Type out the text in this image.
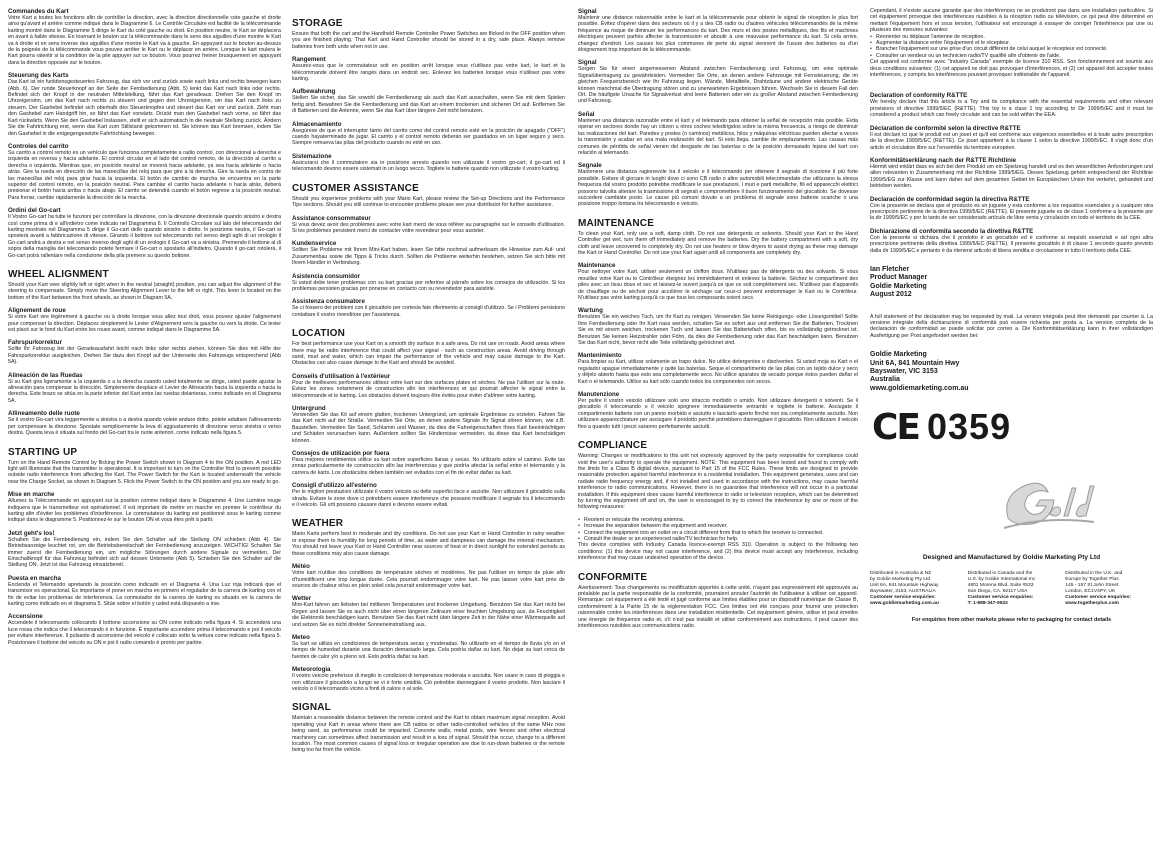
Commandes du Kart

Votre Kart a toutes les fonctions afin de contrôler la direction, avec la direction directionnelle cote gauche et droite ainsi qu'avant et arrière comme indiqué dans le Diagramme 6. Le Contrôle Circulaire est facilité de la télécommande karting montré dans le Diagramme 5 dirige le Kart du coté gauche ou droit. En position neutre, le Kart se déplacera en avant à faible vitesse. En tournant le bouton sur la télécommande dans le sens des aiguilles d'une montre le Kart va à droite et en sens inverse des aiguilles d'une montre le Kart va à gauche. En appuyant sur le bouton au-dessus de la poignée de la télécommande vous pouvez arrêter le Kart ou le déplacer en arrière. Lorsque le kart roulera le Kart pourra ralentir si la condition de la pile appuyer sur ce bouton. Vous pourrez freiner brusquement en appuyant dans la direction opposée sur le bouton.

Steuerung des Karts

Das Kart ist ein funktionsgesteuertes Fahrzeug, das sich vor und zurück sowie nach links und rechts bewegen kann (Abb. 6). Der runde Steuerknopf an der Seite der Fernbedienung (Abb. 5) lenkt das Kart nach links oder rechts. Befindet sich der Knopf in der neutralen Mittelstellung, fährt das Kart geradeaus. Drehen Sie den Knopf im Uhrzeigersinn, um das Kart nach rechts zu steuern und gegen den Uhrzeigersinn, um das Kart nach links zu steuern. Der Gashebel befindet sich oberhalb des Steuerknopfes und steuert das Kart vor und zurück. Zieht man den Gashebel zum Handgriff hin, so fährt das Kart vorwärts. Drückt man den Gashebel nach vorne, so fährt das Kart rückwärts. Wenn Sie den Gashebel loslassen, stellt er sich automatisch in die neutrale Stellung zurück. Ändern Sie die Fahrtrichtung erst, wenn das Kart zum Stillstand gekommen ist. Sie können das Kart bremsen, indem Sie den Gashebel in die entgegengesetzte Fahrtrichtung bewegen.

Controles del carrito

Su carrito a control remoto es un vehículo que funciona completamente a radio control, con direccional a derecha e izquierda en reversa y hacia adelante. El control circular en el lado del control remoto, de la dirección al carrito a derecha o izquierda. Mientras que, en posición neutral se moverá hacia adelante, ya sea hacia adelante o hacia atrás. Gire la rueda en dirección de las manecillas del reloj para que gire a la derecha. Gire la rueda en contra de las manecillas del reloj para girar hacia la izquierda. El botón de cambio de marcha se encuentra en la parte superior del control remoto, en la posición neutral. Para cambiar el carrito hacia adelante o hacia atrás, deberá presionar el botón hacia arriba o hacia abajo. El carrito se detendrá cuando el botón regrese a la posición neutral. Para frenar, cambie rápidamente la dirección de la marcha.

Ordini del Go-cart

Il Vostro Go-cart ha tutte le funzioni per controllare la direzione, con la direzione direzionale quando sinistro e destra così come prima di e all'indietro come indicato nel Diagramma 6. Il Controllo Circolare sul lato del telecomando del karting mostrato nel Diagramma 5 dirige il Go-cart dello quando sinistro o diritto. In posizione neutra, il Go-cart si sposterà avanti a fabbricazione di vitesse. Girando il bottone sul telecomando nel senso degli aghi di un orologio il Go-cart andrà a destra e nel senso inverso degli aghi di un orologio il Go-cart va a sinistra. Premendo il bottone al di sopra della maniglia del telecomando potete fermare il Go-cart o spostarlo all'indietro. Quando il go-cart rotolerà, il Go-cart potrà rallentare nella condizione della pila premere su questo bottone.

WHEEL ALIGNMENT

Should your Kart veer slightly left or right when in the neutral (straight) position, you can adjust the alignment of the steering to compensate. Simply move the Steering Alignment Lever to the left or right. This lever is located on the bottom of the Kart between the front wheels, as shown in Diagram 5A.

Alignement de roue

Si votre Kart vire légèrement à gauche ou à droite lorsque vous allez tout droit, vous pouvez ajuster l'alignement pour compenser la direction. Déplacez simplement le Levier d'Alignement vers la gauche ou vers la droite. Ce levier est placé sur le fond du Kart entre les roues avant, comme indiqué dans le Diagramme 5A.

Fahrspurkorrektur

Sollte Ihr Fahrzeug bei der Geradeausfahrt leicht nach links oder rechts ziehen, können Sie dies mit Hilfe der Fahrspurkorrektur ausgleichen. Drehen Sie dazu den Knopf auf der Unterseite des Fahrzeugs entsprechend (Abb 5A).

Alineación de las Ruedas

Si su Kart gira ligeramente a la izquierda o a la derecha cuando usted totalmente se dirige, usted puede ajustar la alineación para compensar la dirección. Simplemente desplace el Levier de Alineación hacia la izquierda o hacia la derecha. Este brazo se sitúa en la parte inferior del Kart entre las ruedas delanteras, como indicado en el Diagrama 5A.

Allineamento delle ruote

Se il vostro Go-cart vira leggermente a sinistra o a destra quando volete andare dritto, potete adattare l'allineamento per compensare la direzione. Spostate semplicemente la leva di aggiustamento di direzione verso sinistra o verso destra. Questa leva è situata sul fondo del Go-cart tra le ruote anteriori, come indicato nella figura 5.

STARTING UP

Turn on the Hand Remote Control by flicking the Power Switch shown in Diagram 4 to the ON position. A red LED light will illuminate that the transmitter is operational. It is important to turn on the Controller first to prevent possible outside radio interference from affecting the Kart. The Power Switch for the Kart is located underneath the vehicle near the Charge Socket, as shown in Diagram 5. Flick the Power Switch to the ON position and you are ready to go.

Mise en marche

Allumez la Télécommande en appuyant sur la position comme indiqué dans le Diagramme 4. Une Lumière rouge indiquera que le transmetteur est opérationnel. Il est important de mettre en marche en premier le contrôleur du karting afin d'éviter les problèmes d'interférence. Le commutateur du karting est positionné sous le karting comme indiqué dans le diagramme 5. Positionnez-le sur le bouton ON et vous êtes prêt à partir.

Jetzt geht's los!

Schalten Sie die Fernbedienung ein, indem Sie den Schalter auf die Stellung ON schieben (Abb 4). Sie Betriebsanzeige leuchtet rot, um die Betriebsbereitschaft der Fernbedienung anzuzeigen. WICHTIG! Schalten Sie immer zuerst die Fernbedienung ein, um mögliche Störungen durch andere Signale zu vermeiden. Der Einschaltknopf für das Fahrzeug befindet sich auf dessen Unterseite (Abb 5). Schieben Sie den Schalter auf die Stellung ON. Jetzt ist das Fahrzeug einsatzbereit.

Puesta en marcha

Encienda el Telemando apretando la posición como indicado en el Diagrama 4. Una Luz roja indicará que el transmisor es operacional. Es importante el poner en marcha en primero el regulador de la carrera de karting con el fin de evitar los problemas de interferencia. La conmutador de la carrera de karting es situado en la carrera de karting como indicado en el diagrama 5. Sitúe sobre el botón y usted está dispuesto a irse.

Accensione

Accendete il telecomando collocando il bottone accensione su ON come indicato nella figura 4. Si accenderà una luce rossa che indica che il telecomando è in funzione. È importante accendere prima il telecomando e poi il veicolo per evitare interferenze. Il pulsante di accensione del veicolo è collocato sotto la vettura come indicato nella figura 5. Posizionare il bottone del veicolo su ON e poi il radio comando è pronto per partire.

STORAGE

Ensure that both the cart and the Handheld Remote Controller Power Switches are flicked to the OFF position when you are finished playing. That Kart and Hand Controller should be stored in a dry, safe place. Always remove batteries from both units when not in use.

Rangement

Assurez-vous que le commutateur soit en position arrêt lorsque vous n'utilisez pas votre kart, le kart et la télécommande doivent être rangés dans un endroit sec. Enlevez les batteries lorsque vous n'utilisez pas votre karting.

Aufbewahrung

Stellen Sie sicher, das Sie sowohl die Fernbedienung als auch das Kart ausschalten, wenn Sie mit dem Spielen fertig sind. Bewahren Sie die Fernbedienung und das Kart an einem trockenen und sicheren Ort auf. Entfernen Sie di Batterien und die Antenne, wenn Sie das Kart über längere Zeit nicht benutzen.

Almacenamiento

Asegúrese de que el interruptor tanto del carrito como del control remoto esté en la posición de apagado ("OFF") cuando hayaterminado de jugar. El carrito y el control remoto deberán ser guardados en un lugar seguro y seco. Siempre remueva las pilas del producto cuando no esté en uso.

Sistemazione

Assicurarsi che il commutatore sia in posizione arresto quando non utilizzate il vostro go-cart, il go-cart ed il telecomando devono essere sistemati in un luogo secco. Togliete le batterie quando non utilizzate il vostro karting.

CUSTOMER ASSISTANCE

Should you experience problems with your Mario Kart, please review the Set-up Directions and the Performance Tips sections. Should you still continue to encounter problems please see your distributor for further assistance.

Assistance consommateur

Si vous devez avoir des problèmes avec votre kart merci de vous référer au paragraphe sur le conseils d'utilisation. Si les problèmes persistent merci de contacter votre revendeur pour vous assister.

Kundenservice

Sollten Sie Probleme mit Ihrem Mini-Kart haben, lesen Sie bitte nochmal aufmerksam die Hinweise zum Auf- und Zusammenbau sowie die Tipps & Tricks durch. Sollten die Probleme weiterhin bestehen, setzen Sie sich bitte mit Ihrem Händler in Verbindung.

Asistencia consumidor

Si usted debe tener problemas con su kart gracias por referirse al párrafo sobre los consejos de utilización. Si los problemas persisten gracias por ponerse en contacto con su revendedor para asistirle.

Assistenza consumatore

Se ci fossero dei problemi con il giocattolo per cortesia fate riferimento ai consigli d'utilizzo. Se i Problemi persistono contattare il vostro rivenditore per l'assistenza.

LOCATION

For best performance use your Kart on a smooth dry surface in a safe area. Do not use on roads. Avoid areas where there may be radio interference that could affect your signal - such as construction areas. Avoid driving through sand, mud and water, which can impair the performance of the vehicle and may cause damage to the Kart. Obstacles can also cause damage to the Kart and should be avoided.

Conseils d'utilisation à l'extérieur

Pour de meilleures performances utilisez votre kart sur des surfaces plates et sèches. Ne pas l'utiliser sur la route. Évitez les zones notamment de construction afin les interférences et qui pourrait affecter le signal entre la télécommande et le karting. Les obstacles doivent toujours être évités pour éviter d'abîmer votre karting.

Untergrund

Verwenden Sie das Kit auf einem glatten, trockenen Untergrund, um optimale Ergebnisse zu erzielen. Fahren Sie das Kart nicht auf der Straße. Vermeiden Sie Orte, an denen andere Signale Ihr Signal stören können, wie z.B. Baustellen. Vermeiden Sie Sand, Schlamm und Wasser, da dies die Fahreigenschaften Ihres Kart beeinträchtigen und Schäden verursachen kann. Außerdem sollten Sie Hindernisse vermeiden, da diese das Kart beschädigen können.

Consejos de utilización por fuera

Para mejores rendimientos utilice su kart sobre superficies llanas y secas. No utilizarlo sobre el camino. Evite las zonas particularmente de construcción afín las interferencias y que podría afectar la señal entre el telemando y la carrera de karts. Los obstáculos deben también ser evitados con el fin de evitar dañar su kart.

Consigli d'utilizzo all'esterno

Per le migliori prestazioni utilizzate il vostro veicolo su delle superfici lisce e asciutte. Non utilizzare il giocattolo sulla strada. Evitare le zone dove ci potrebbero essere interferenze che possano modificare il segnale tra il telecomando e il veicolo. Gli urti possono causare danni e devono essere evitati.

WEATHER

Mario Karts perform best in moderate and dry conditions. Do not use your Kart or Hand Controller in rainy weather or expose them to humidity for long periods of time, as water and dampness can damage the internal mechanism. You should not leave your Kart or Hand Controller near sources of heat or in direct sunlight for extended periods as these conditions may also cause damage.

Météo

Votre kart n'utilise des conditions de température sèches et modérées. Ne pas l'utiliser en temps de pluie afin d'humidificent une trop longue durée. Cela pourrait endommager votre kart. Ne pas laisser votre kart près de sources de chaleur et/ou en plein soleil cela pourrait endommager votre kart.

Wetter

Mini-Kart fahren am liebsten bei mittleren Temperaturen und trockener Umgebung. Benutzen Sie das Kart nicht bei Regen und lassen Sie es auch nicht über einen längeren Zeitraum einer feuchten Umgebung aus, da Feuchtigkeit die Elektronik beschädigen kann. Benutzen Sie das Kart nicht über längere Zeit in der Nähe einer Wärmequelle auf und setzen Sie es nicht direkter Sonneneinstrahlung aus.

Meteo

Su kart se utiliza en condiciones de temperatura secas y moderadas. No utilizarlo en el tiempo de lluvia y/o en el tiempo de humedad durante una duración demasiado larga. Cela podría dañar su kart. No dejar su kart cerca de fuentes de calor y/o a pleno sol. Esto podría dañar su kart.

Meteorologia

Il vostro veicolo preferisce di meglio in condizioni di temperatura moderata e asciutta. Non usare in caso di pioggia e non utilizzare il giocattolo a lungo se vi è forte umidità. Ciò potrebbe danneggiare il vostro prodotto. Non lasciare il veicolo o il telecomando vicino a fonti di calore o al sole.

SIGNAL

Maintain a reasonable distance between the remote control and the Kart to obtain maximum signal reception. Avoid operating your Kart in areas where there are CB radios or other radio-controlled vehicles of the same MHz now being used, as performance could be impacted. Concrete walls, metal posts, wire fences and other electrical machinery can sometimes affect transmission and result in a loss of signal. Should this occur, change to a different location. The most common causes of signal loss or irregular operation are due to run-down batteries or the remote being too far from the vehicle.

Signal

Maintenir une distance raisonnable entre le kart et la télécommande pour obtenir le signal de réception le plus fort possible. Évitez d'opérer dans des secteurs où il y a des CB radio ou d'autres véhicules télécommandés de la même fréquence au risque de diminuer les performances du kart. Des murs et des postes métalliques, des fils et machines électriques peuvent parfois affecter la transmission et aboutir à une mauvaise performance du kart. Si cela arrive, changez d'endroit. Les causes les plus communes de perte du signal viennent de l'usure des batteries ou d'un éloignement trop important de la télécommande.

Signal

Sorgen Sie für einen angemessenen Abstand zwischen Fernbedienung und Fahrzeug, um eine optimale Signalübertragung zu gewährleisten. Vermeiden Sie Orte, an denen andere Fahrzeuge mit Fernsteuerung, die im gleichen Frequenzbereich wie Ihr Fahrzeug liegen. Wände, Metallteile, Drahtzäune und andere elektrische Geräte können manchmal die Übertragung stören und zu unerwarteten Ergebnissen führen. Wechseln Sie in diesem Fall den Ort. Die häufigste Ursache für Signalverlust sind leere Batterien oder ein zu großer Abstand zwischen Fernbedienung und Fahrzeug.

Señal

Mantener una distancia razonable entre el kart y el telemando para obtener la señal de recepción más posible. Evita operar en sectores donde hay un citizen u otros coches teledirigidos sobre la misma frecuencia, a riesgo de disminuir las realizaciones del kart. Paredes y postes (o caminos) metálicos, hilos y máquinas eléctricas pueden afectar a veces la transmisión y acabar en una mala realización del kart. Si esto llega, cambie de emplazamiento. Las causas más comunes de pérdida de señal vienen del desgaste de las baterías o de la posición demasiado lejana del kart con relación al telemando.

Segnale

Mantenere una distanza ragionevole tra il veicolo e il telecomando per ottenere il segnale di ricezione il più forte possibile. Evitare di giocare in luoghi dove ci sono CB radio o altre automobili telecomandate che utilizzano la stessa frequenza dal vostro prodotto potrebbe modificare le sue prestazioni. I muri e parti metalliche, fili ed apparecchi elettrici possono talvolta alterare la trasmissione di segnali e compromettere il buon funzionamento del giocattolo. Se dovesse succedere cambiate posto. Le cause più comuni dovute a un problema di segnale sono batterie scariche o una posizione troppo lontana tra telecomando e veicolo.

MAINTENANCE

To clean your Kart, only use a soft, damp cloth. Do not use detergents or solvents. Should your Kart or the Hand Controller get wet, turn them off immediately and remove the batteries. Dry the battery compartment with a soft, dry cloth and leave uncovered to completely dry. Do not use heaters or blow dryers to assist drying as these may damage the Kart or Hand Controller. Do not use your Kart again until all components are completely dry.

Maintenance

Pour nettoyer votre Kart, utiliser seulement un chiffon doux. N'utilisez pas de détergents ou des solvants. Si vous mouillez votre Kart ou le Contrôleur éteignez les immédiatement et enlevez la batterie. Séchez le compartiment des piles avec un tissu doux et sec et laissez-le ouvert jusqu'à ce que ce soit complètement sec. N'utilisez pas d'appareils de chauffage ou de séchoir pour accélérer le séchage car ceux-ci peuvent endommager le Kart ou le Contrôleur. N'utilisez pas votre karting jusqu'à ce que tous les composants soient secs.

Wartung

Benutzen Sie ein weiches Tuch, um Ihr Kart zu reinigen. Verwenden Sie keine Reinigungs- oder Lösungsmittel! Sollte Ihre Fernbedienung oder Ihr Kart nass werden, schalten Sie es sofort aus und entfernen Sie die Batterien. Trocknen Sie es mit einem weichen, trockenen Tuch und lassen Sie das Batteriefach offen, bis es vollständig getrocknet ist. Benutzen Sie keinen Heizstrahler oder Föhn, da dies die Fernbedienung oder das Kart beschädigen kann. Benutzen Sie das Kart nicht, bevor nicht alle Teile vollständig getrocknet sind.

Mantenimiento

Para limpiar su Kart, utilizar solamente un trapo dulce. No utilice detergentes o disolventes. Si usted moja su Kart o el regulador apague inmediatamente y quite las baterías. Seque el compartimento de las pilas con un tejido dulce y seco y déjelo abierto hasta que esto sea completamente seco. No utilice aparatos de secado porque éstos pueden dañar el Kart o el telemando. Utilice su kart sólo cuando todos los componentes son secos.

Manutenzione

Per pulire il vostro veicolo utilizzare solo uno straccio morbido o umido. Non utilizzare detergenti o solventi. Se il giocattolo il telecomando o il veicolo spegnere immediatamente entrambi e togliete le batterie. Asciugate il compartimento batterie con un panno morbido e asciutto e lasciarlo aperto finché non sia completamente asciutto. Non utilizzare apparecchiature per asciugare il prodotto perché potrebbero danneggiare il giocattolo. Non utilizzare il veicolo fino a quando tutti i pezzi saranno perfettamente asciutti.

COMPLIANCE

Warning: Changes or modifications to this unit not expressly approved by the party responsible for compliance could void the user's authority to operate the equipment. NOTE: This equipment has been tested and found to comply with the limits for a Class B digital device, pursuant to Part 15 of the FCC Rules. These limits are designed to provide reasonable protection against harmful interference in a residential installation. This equipment generates, uses and can radiate radio frequency energy and, if not installed and used in accordance with the instructions, may cause harmful interference to radio communications. However, there is no guarantee that interference will not occur in a particular installation. If this equipment does cause harmful interference to radio or television reception, which can be determined by turning the equipment off and on, the user is encouraged to try to correct the interference by one or more of the following measures:

• Reorient or relocate the receiving antenna.

• Increase the separation between the equipment and receiver.

• Connect the equipment into an outlet on a circuit different from that to which the receiver is connected.

• Consult the dealer or an experienced radio/TV technician for help.

This device complies with Industry Canada licence-exempt RSS 310. Operation is subject to the following two conditions: (1) this device may not cause interference, and (2) this device must accept any interference, including interference that may cause undesired operation of the device.

CONFORMITE

Avertissement: Tous changements ou modification apportés à cette unité, n'ayant pas expressément été approuvés au préalable par la partie responsable de la conformité, pourraient annuler l'autorité de l'utilisateur à utiliser cet appareil. Remarque: cet équipement a été testé et jugé conforme aux limites établies pour un dispositif numérique de Classe B, conformément à la Partie 15 de la réglementation FCC. Ces limites ont été conçues pour fournir une protection raisonnable contre les interférences dans une installation résidentielle. Cet équipement génère, utilise et peut émettre une énergie de fréquence radio et, s'il n'est pas installé et utilisé conformément aux instructions, il peut causer des interférences nuisibles aux communications radio.

Cependant, il n'existe aucune garantie que des interférences ne se produiront pas dans une installation particulière. Si cet équipement provoque des interférences nuisibles à la réception radio ou télévision, ce qui peut être déterminé en mettant l'équipement hors et sous tension, l'utilisateur est encouragé à essayer de corriger l'interférence par une ou plusieurs des mesures suivantes:

• Réorienter ou déplacer l'antenne de réception.

• Augmenter la distance entre l'équipement et le récepteur.

• Brancher l'équipement sur une prise d'un circuit différent de celui auquel le récepteur est connecté.

• Consulter un vendeur ou un technicien radio/TV qualifié afin d'obtenir de l'aide.

Cet appareil est conforme avec "Industry Canada" exempte de licence 310 RSS. Son fonctionnement est soumis aux deux conditions suivantes: (1) cet appareil ne doit pas provoquer d'interférences, et (2) cet appareil doit accepter toutes interférences, y compris les interférences pouvant provoquer indésirable de l'appareil.

Declaration of conformity R&TTE

We hereby declare that this article is a Toy and its compliance with the essential requirements and other relevant provisions of directive 1999/5/EC (R&TTE). This toy is a class 1 toy according to Dir 1999/5/EC and it must be considered a product which can freely circulate and can be sold within the EEA.

Déclaration de conformité selon la directive R&TTE

Il est déclaré ici que le produit est un jouet et qu'il est conforme aux exigences essentielles et à toute autre prescription de la directive 1999/5/EC (R&TTE). Ce jouet appartient à la classe 1 selon la directive 1999/5/EC. Il s'agit donc d'un article et circulation libre sur l'ensemble du territoire européen.

Konformitätserklärung nach der R&TTE Richtlinie

Hiermit wird erklärt dass es sich bei dem Produkt um ein Spielzeug handelt und es den wesentlichen Anforderungen und allen relevanten in Zusammenhang mit der Richtlinie 1999/5/EG. Dieses Spielzeug gehört entsprechend der Richtlinie 1999/5/EG zur Klasse und kann daher auf dem gesamten Gebiet im Europäischen Union frei verkehrt, gehandelt und betrieben werden.

Declaración de conformidad según la directiva R&TTE

Con la presente se declara que el producto es un juguete y esta conforme a los requisitos esenciales y a cualquier otra prescripción pertinente de la directiva 1999/5/EC (R&TTE). El presente juguete es de clase 1 conforme a la presente por la dir 1999/5/EC y por lo tanto de ser considerado artículo de libre venta y circulación en todo el territorio de la CEE.

Dichiarazione di conformita secondo la direttiva R&TTE

Con la presente si dichiara che il prodotto è un giocattolo ed è conforme ai requisiti essenziali e ad ogni altra prescrizione pertinente della direttiva 1999/5/EC (R&TTE). Il presente giocattolo è di classe 1 secondo quanto previsto dalla dir 1999/5/EC e pertanto è da ritenersi articolo di libera vendita e circolazione in tutto il territorio della CEE.

Ian Fletcher

Product Manager

Goldie Marketing

August 2012

A full statement of the declaration may be requested by mail. La version intégrale peut être demandé par courrier à. La versione integrale della dichiarazione di conformità può essere richiesta per posta a. La version completa de la declaración de conformidad se puede solicitar por correo a. Die Konformitätserklärung kann in ihrer vollständigen Ausfertigung per Post angefordert werden bei:

Goldie Marketing
Unit 6A, 841 Mountain Hwy
Bayswater, VIC 3153
Australia
www.goldiemarketing.com.au
CE 0359

Designed and Manufactured by Goldie Marketing Pty Ltd

Distributed in Australia & NZ

by Goldie Marketing Pty Ltd

Unit 6A, 841 Mountain Highway

Bayswater, 3153, AUSTRALIA

Customer service enquiries:

www.goldiemarketing.com.au

Distributed in Canada and the

U.S. by Goldie International Inc

4801 Morena Blvd. Suite #533

San Diego, CA. 92117 USA

Customer service enquiries:

T: 1-888-347-9522

Distributed in the U.K. and

Europe by Together Plus

145 - 157 St John Street

London, EC1V4PY, UK

Customer service enquiries:

www.togetherplus.com

For enquiries from other markets please refer to packaging for contact details
